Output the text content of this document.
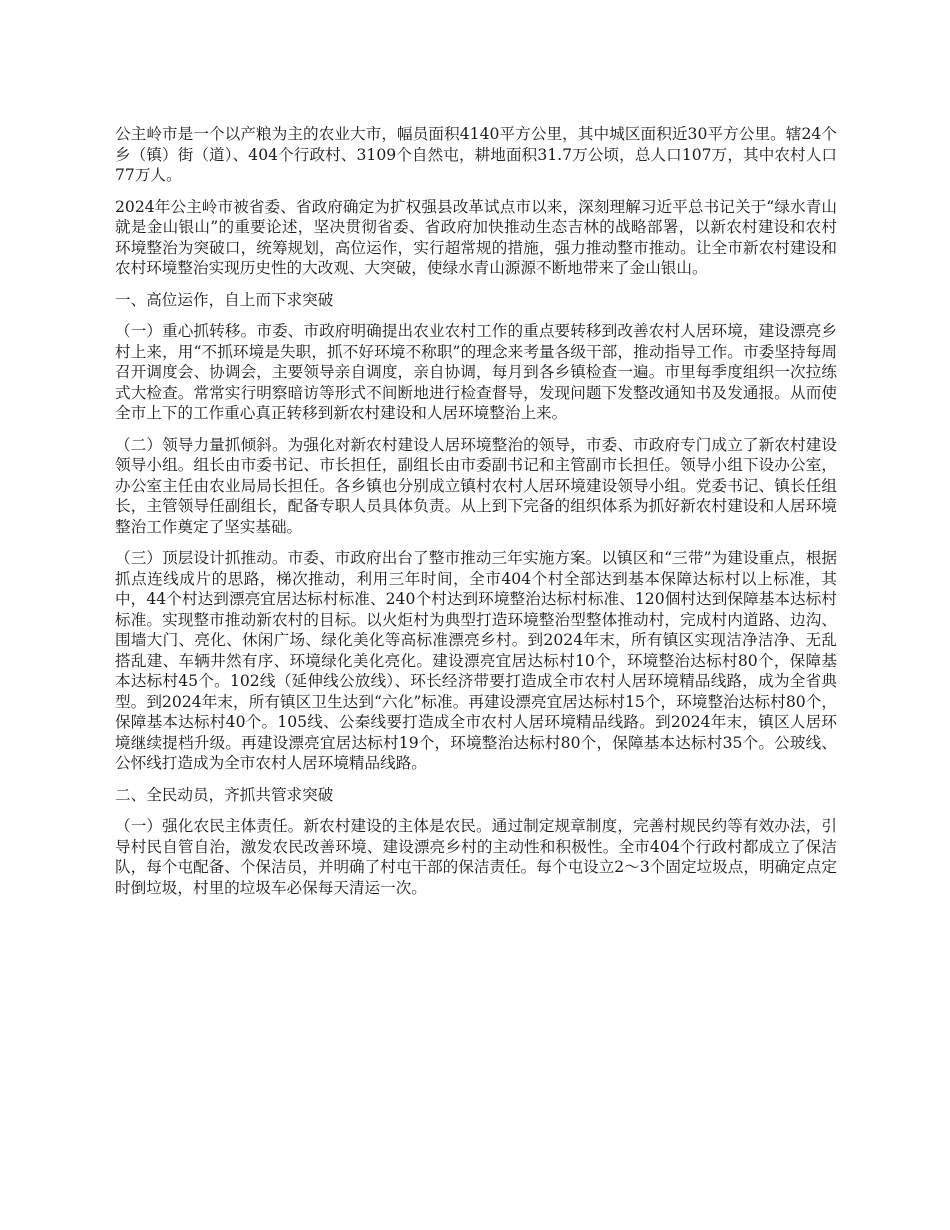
公主岭市是一个以产粮为主的农业大市，幅员面积4140平方公里，其中城区面积近30平方公里。辖24个乡（镇）街（道）、404个行政村、3109个自然屯，耕地面积31.7万公顷，总人口107万，其中农村人口77万人。

2024年公主岭市被省委、省政府确定为扩权强县改革试点市以来，深刻理解习近平总书记关于“绿水青山就是金山银山”的重要论述，坚决贯彻省委、省政府加快推动生态吉林的战略部署，以新农村建设和农村环境整治为突破口，统筹规划，高位运作，实行超常规的措施，强力推动整市推动。让全市新农村建设和农村环境整治实现历史性的大改观、大突破，使绿水青山源源不断地带来了金山银山。

一、高位运作，自上而下求突破

（一）重心抓转移。市委、市政府明确提出农业农村工作的重点要转移到改善农村人居环境，建设漂亮乡村上来，用“不抓环境是失职，抓不好环境不称职”的理念来考量各级干部，推动指导工作。市委坚持每周召开调度会、协调会，主要领导亲自调度，亲自协调，每月到各乡镇检查一遍。市里每季度组织一次拉练式大检查。常常实行明察暗访等形式不间断地进行检查督导，发现问题下发整改通知书及发通报。从而使全市上下的工作重心真正转移到新农村建设和人居环境整治上来。

（二）领导力量抓倾斜。为强化对新农村建设人居环境整治的领导，市委、市政府专门成立了新农村建设领导小组。组长由市委书记、市长担任，副组长由市委副书记和主管副市长担任。领导小组下设办公室，办公室主任由农业局局长担任。各乡镇也分别成立镇村农村人居环境建设领导小组。党委书记、镇长任组长，主管领导任副组长，配备专职人员具体负责。从上到下完备的组织体系为抓好新农村建设和人居环境整治工作奠定了坚实基础。

（三）顶层设计抓推动。市委、市政府出台了整市推动三年实施方案。以镇区和“三带”为建设重点，根据抓点连线成片的思路，梯次推动，利用三年时间，全市404个村全部达到基本保障达标村以上标准，其中，44个村达到漂亮宜居达标村标准、240个村达到环境整治达标村标准、120個村达到保障基本达标村标准。实现整市推动新农村的目标。以火炬村为典型打造环境整治型整体推动村，完成村内道路、边沟、围墙大门、亮化、休闲广场、绿化美化等高标准漂亮乡村。到2024年末，所有镇区实现洁净洁净、无乱搭乱建、车辆井然有序、环境绿化美化亮化。建设漂亮宜居达标村10个，环境整治达标村80个，保障基本达标村45个。102线（延伸线公放线）、环长经济带要打造成全市农村人居环境精品线路，成为全省典型。到2024年末，所有镇区卫生达到“六化”标准。再建设漂亮宜居达标村15个，环境整治达标村80个，保障基本达标村40个。105线、公秦线要打造成全市农村人居环境精品线路。到2024年末，镇区人居环境继续提档升级。再建设漂亮宜居达标村19个，环境整治达标村80个，保障基本达标村35个。公玻线、公怀线打造成为全市农村人居环境精品线路。

二、全民动员，齐抓共管求突破

（一）强化农民主体责任。新农村建设的主体是农民。通过制定规章制度，完善村规民约等有效办法，引导村民自管自治，激发农民改善环境、建设漂亮乡村的主动性和积极性。全市404个行政村都成立了保洁队，每个屯配备、个保洁员，并明确了村屯干部的保洁责任。每个屯设立2～3个固定垃圾点，明确定点定时倒垃圾，村里的垃圾车必保每天清运一次。
